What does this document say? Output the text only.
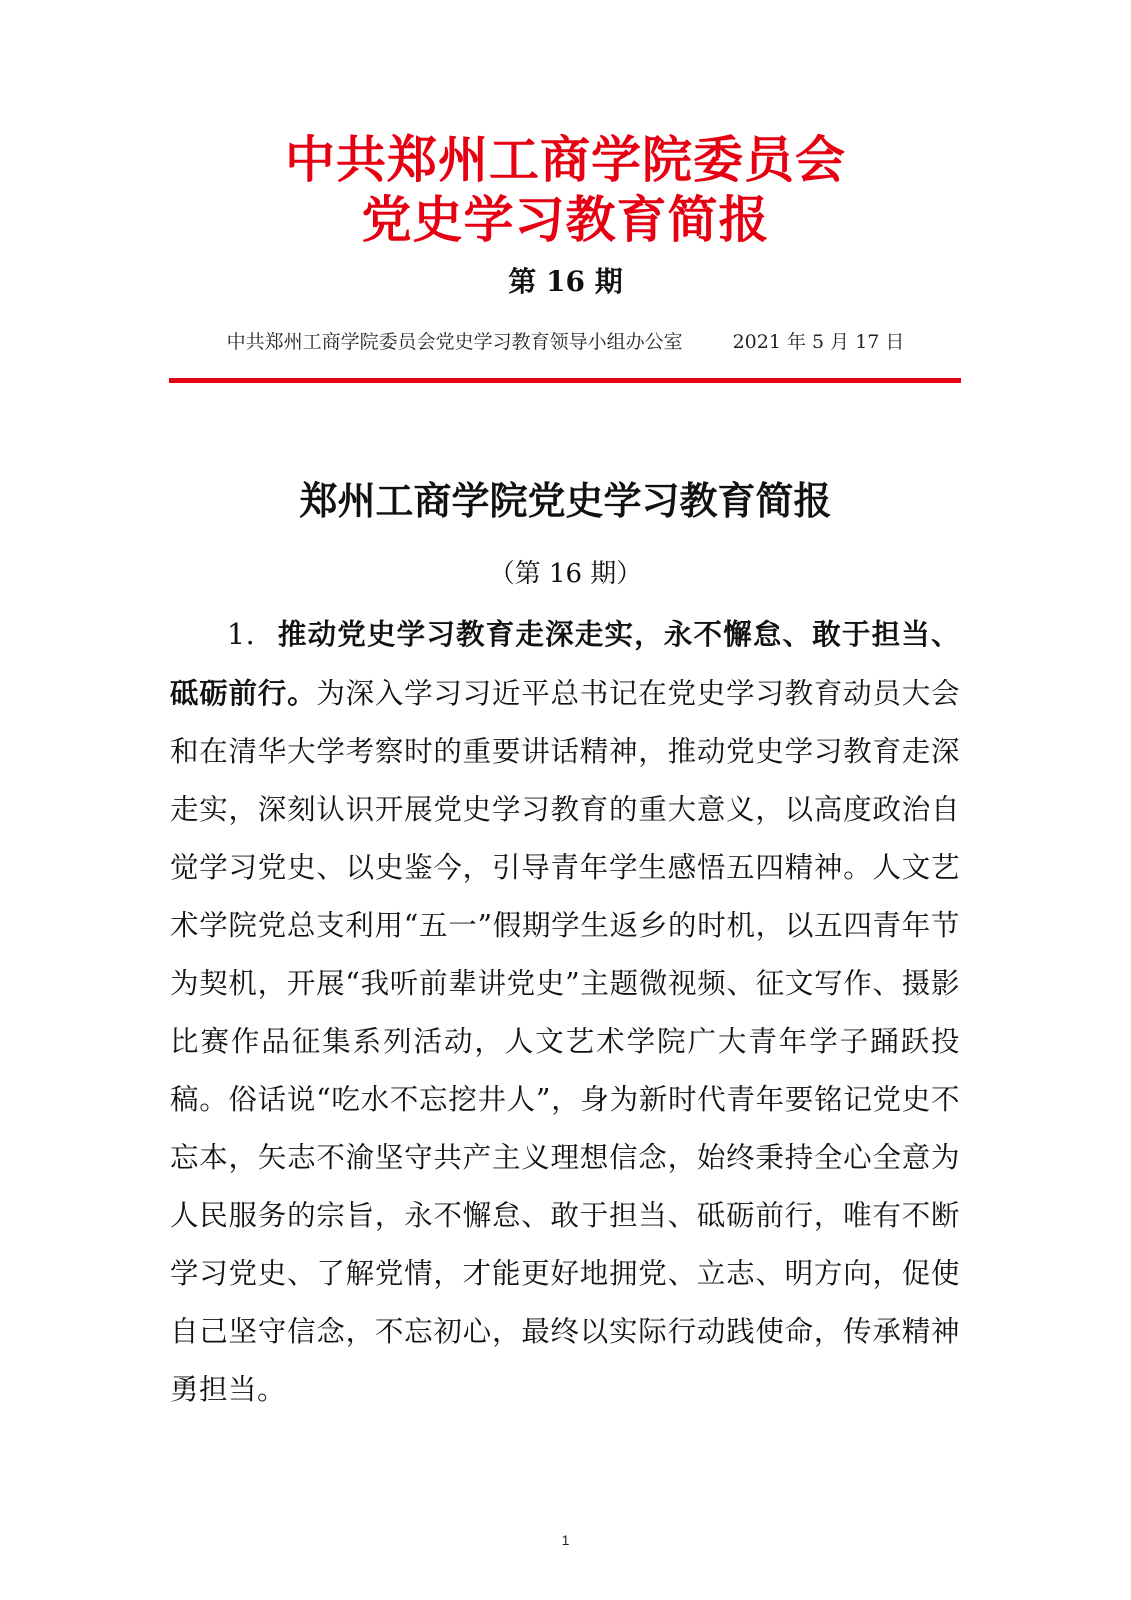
中共郑州工商学院委员会
党史学习教育简报
第 16 期
中共郑州工商学院委员会党史学习教育领导小组办公室	2021 年 5 月 17 日
郑州工商学院党史学习教育简报
（第 16 期）
1. 推动党史学习教育走深走实，永不懈怠、敢于担当、砥砺前行。为深入学习习近平总书记在党史学习教育动员大会和在清华大学考察时的重要讲话精神，推动党史学习教育走深走实，深刻认识开展党史学习教育的重大意义，以高度政治自觉学习党史、以史鉴今，引导青年学生感悟五四精神。人文艺术学院党总支利用“五一”假期学生返乡的时机，以五四青年节为契机，开展“我听前辈讲党史”主题微视频、征文写作、摄影比赛作品征集系列活动，人文艺术学院广大青年学子踊跃投稿。俗话说“吃水不忘挖井人”，身为新时代青年要铭记党史不忘本，矢志不渝坚守共产主义理想信念，始终秉持全心全意为人民服务的宗旨，永不懈怠、敢于担当、砥砺前行，唯有不断学习党史、了解党情，才能更好地拥党、立志、明方向，促使自己坚守信念，不忘初心，最终以实际行动践使命，传承精神勇担当。
1
